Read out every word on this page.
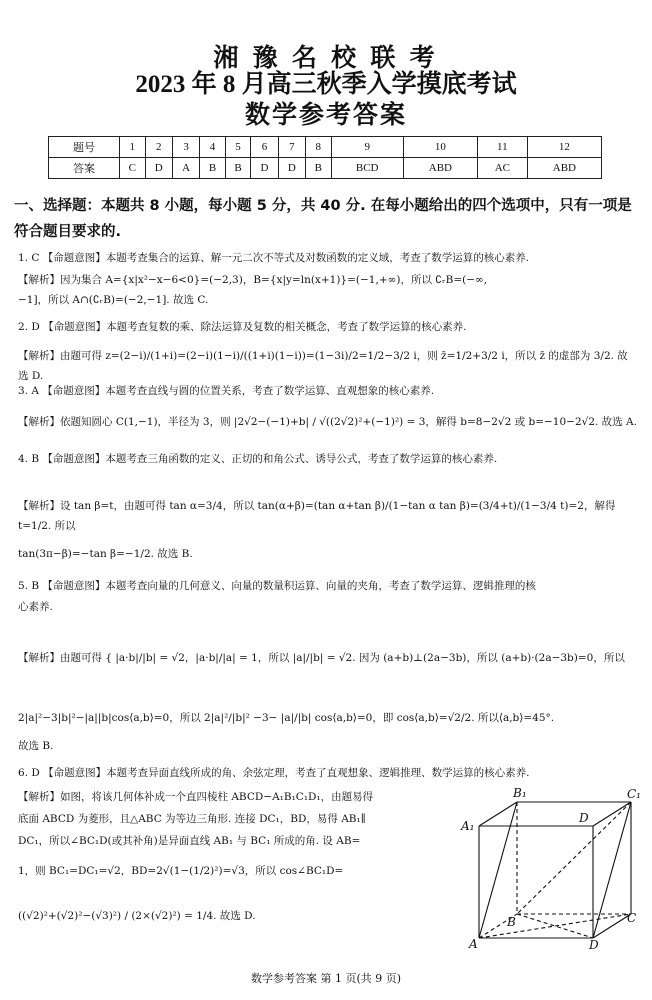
湘 豫 名 校 联 考
2023 年 8 月高三秋季入学摸底考试
数学参考答案
题号	1	2	3	4	5	6	7	8	9	10	11	12
答案	C	D	A	B	B	D	D	B	BCD	ABD	AC	ABD
一、选择题：本题共 8 小题，每小题 5 分，共 40 分. 在每小题给出的四个选项中，只有一项是符合题目要求的.
1. C 【命题意图】本题考查集合的运算、解一元二次不等式及对数函数的定义域，考查了数学运算的核心素养.
【解析】因为集合 A={x|x²−x−6<0}=(−2,3)，B={x|y=ln(x+1)}=(−1,+∞)，所以 ∁ᵣB=(−∞,
−1]，所以 A∩(∁ᵣB)=(−2,−1]. 故选 C.
2. D 【命题意图】本题考查复数的乘、除法运算及复数的相关概念，考查了数学运算的核心素养.
【解析】由题可得 z=(2−i)/(1+i)=(2−i)(1−i)/((1+i)(1−i))=(1−3i)/2=1/2−3/2 i，则 z̄=1/2+3/2 i，所以 z̄ 的虚部为 3/2. 故选 D.
3. A 【命题意图】本题考查直线与圆的位置关系，考查了数学运算、直观想象的核心素养.
【解析】依题知圆心 C(1,−1)，半径为 3，则 |2√2−(−1)+b| / √((2√2)²+(−1)²) = 3，解得 b=8−2√2 或 b=−10−2√2. 故选 A.
4. B 【命题意图】本题考查三角函数的定义、正切的和角公式、诱导公式，考查了数学运算的核心素养.
【解析】设 tan β=t，由题可得 tan α=3/4，所以 tan(α+β)=(tan α+tan β)/(1−tan α tan β)=(3/4+t)/(1−3/4 t)=2，解得 t=1/2. 所以
tan(3π−β)=−tan β=−1/2. 故选 B.
5. B 【命题意图】本题考查向量的几何意义、向量的数量积运算、向量的夹角，考查了数学运算、逻辑推理的核
心素养.
【解析】由题可得 { |a·b|/|b| = √2，|a·b|/|a| = 1，所以 |a|/|b| = √2. 因为 (a+b)⊥(2a−3b)，所以 (a+b)·(2a−3b)=0，所以
2|a|²−3|b|²−|a||b|cos⟨a,b⟩=0，所以 2|a|²/|b|² −3− |a|/|b| cos⟨a,b⟩=0，即 cos⟨a,b⟩=√2/2. 所以⟨a,b⟩=45°.
故选 B.
6. D 【命题意图】本题考查异面直线所成的角、余弦定理，考查了直观想象、逻辑推理、数学运算的核心素养.
【解析】如图，将该几何体补成一个直四棱柱 ABCD−A₁B₁C₁D₁，由题易得
底面 ABCD 为菱形，且△ABC 为等边三角形. 连接 DC₁，BD，易得 AB₁∥
DC₁，所以∠BC₁D(或其补角)是异面直线 AB₁ 与 BC₁ 所成的角. 设 AB=
1，则 BC₁=DC₁=√2，BD=2√(1−(1/2)²)=√3，所以 cos∠BC₁D=
((√2)²+(√2)²−(√3)²) / (2×(√2)²) = 1/4. 故选 D.
B₁	C₁
A₁
D
B	C
A	D
数学参考答案 第 1 页(共 9 页)
